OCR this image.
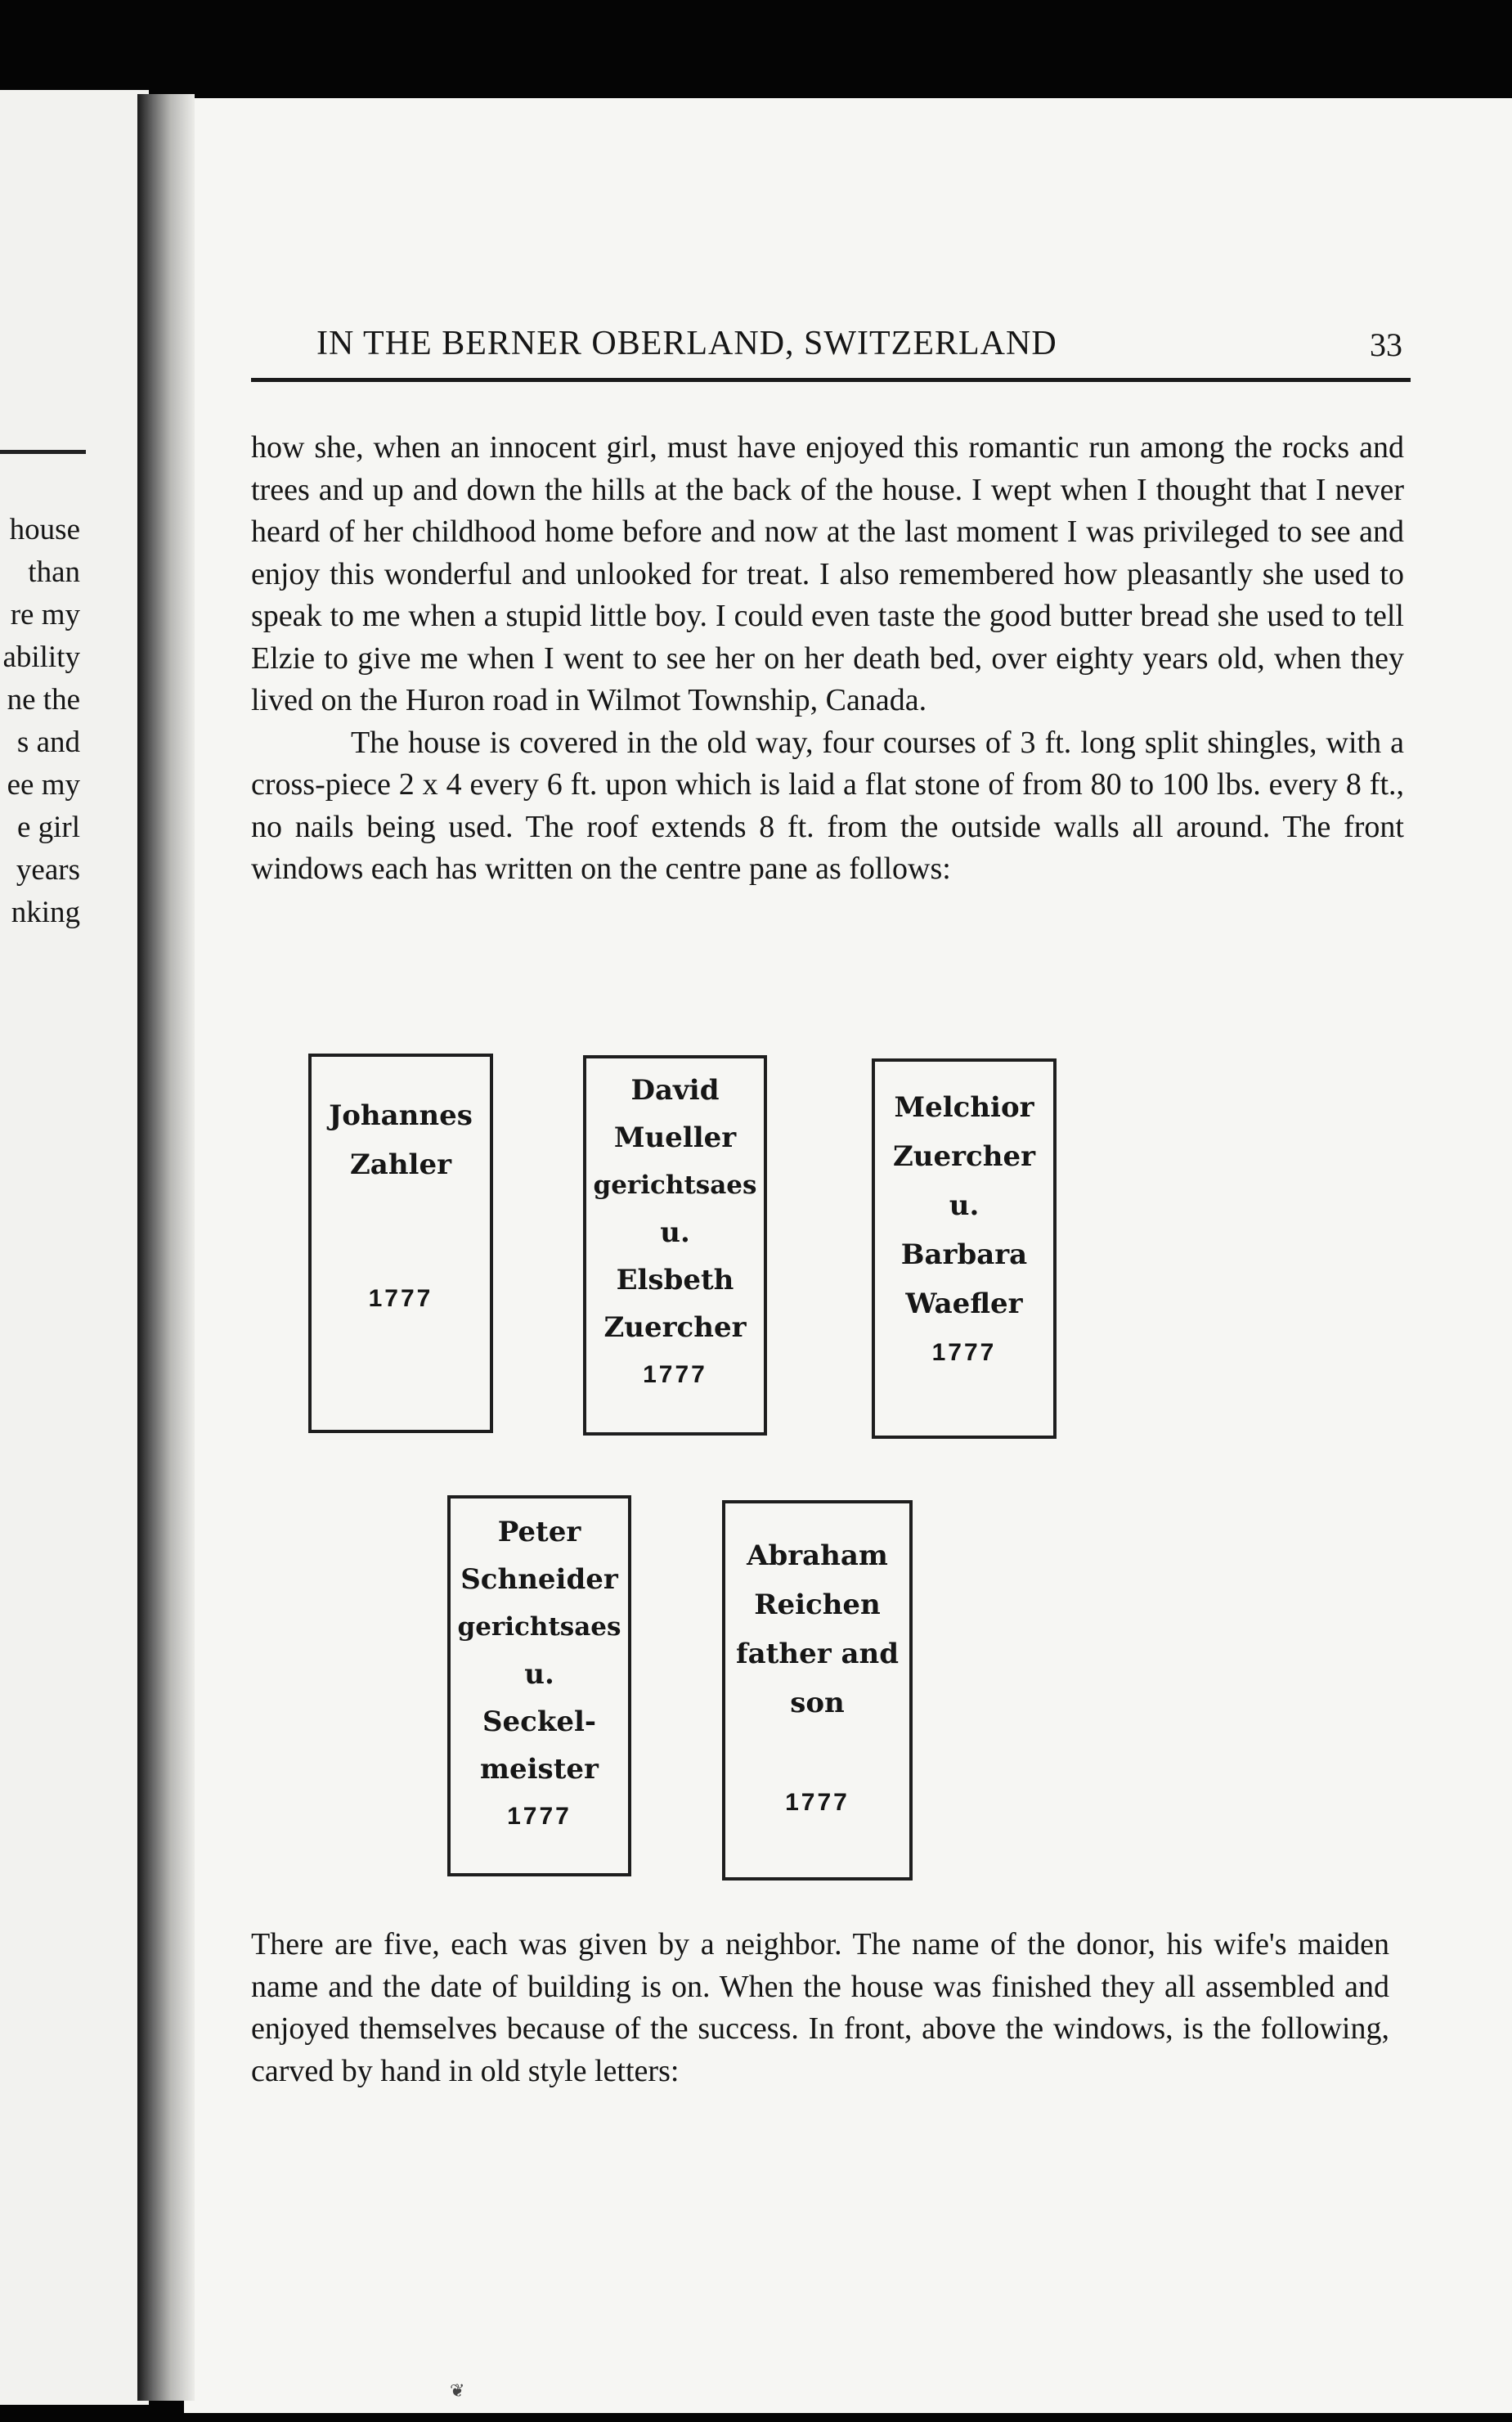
house
than
re my
ability
ne the
s and
ee my
e girl
years
nking
IN THE BERNER OBERLAND, SWITZERLAND	33

how she, when an innocent girl, must have enjoyed this romantic run among the rocks and trees and up and down the hills at the back of the house. I wept when I thought that I never heard of her childhood home before and now at the last moment I was privileged to see and enjoy this wonderful and unlooked for treat. I also remembered how pleasantly she used to speak to me when a stupid little boy. I could even taste the good butter bread she used to tell Elzie to give me when I went to see her on her death bed, over eighty years old, when they lived on the Huron road in Wilmot Township, Canada.

The house is covered in the old way, four courses of 3 ft. long split shingles, with a cross-piece 2 x 4 every 6 ft. upon which is laid a flat stone of from 80 to 100 lbs. every 8 ft., no nails being used. The roof extends 8 ft. from the outside walls all around. The front windows each has written on the centre pane as follows:

Johannes
Zahler
1777
David
Mueller
gerichtsaes
u.
Elsbeth
Zuercher
1777
Melchior
Zuercher
u.
Barbara
Waefler
1777
Peter
Schneider
gerichtsaes
u.
Seckel-
meister
1777
Abraham
Reichen
father and
son
1777

There are five, each was given by a neighbor. The name of the donor, his wife's maiden name and the date of building is on. When the house was finished they all assembled and enjoyed themselves because of the success. In front, above the windows, is the following, carved by hand in old style letters:

❦
